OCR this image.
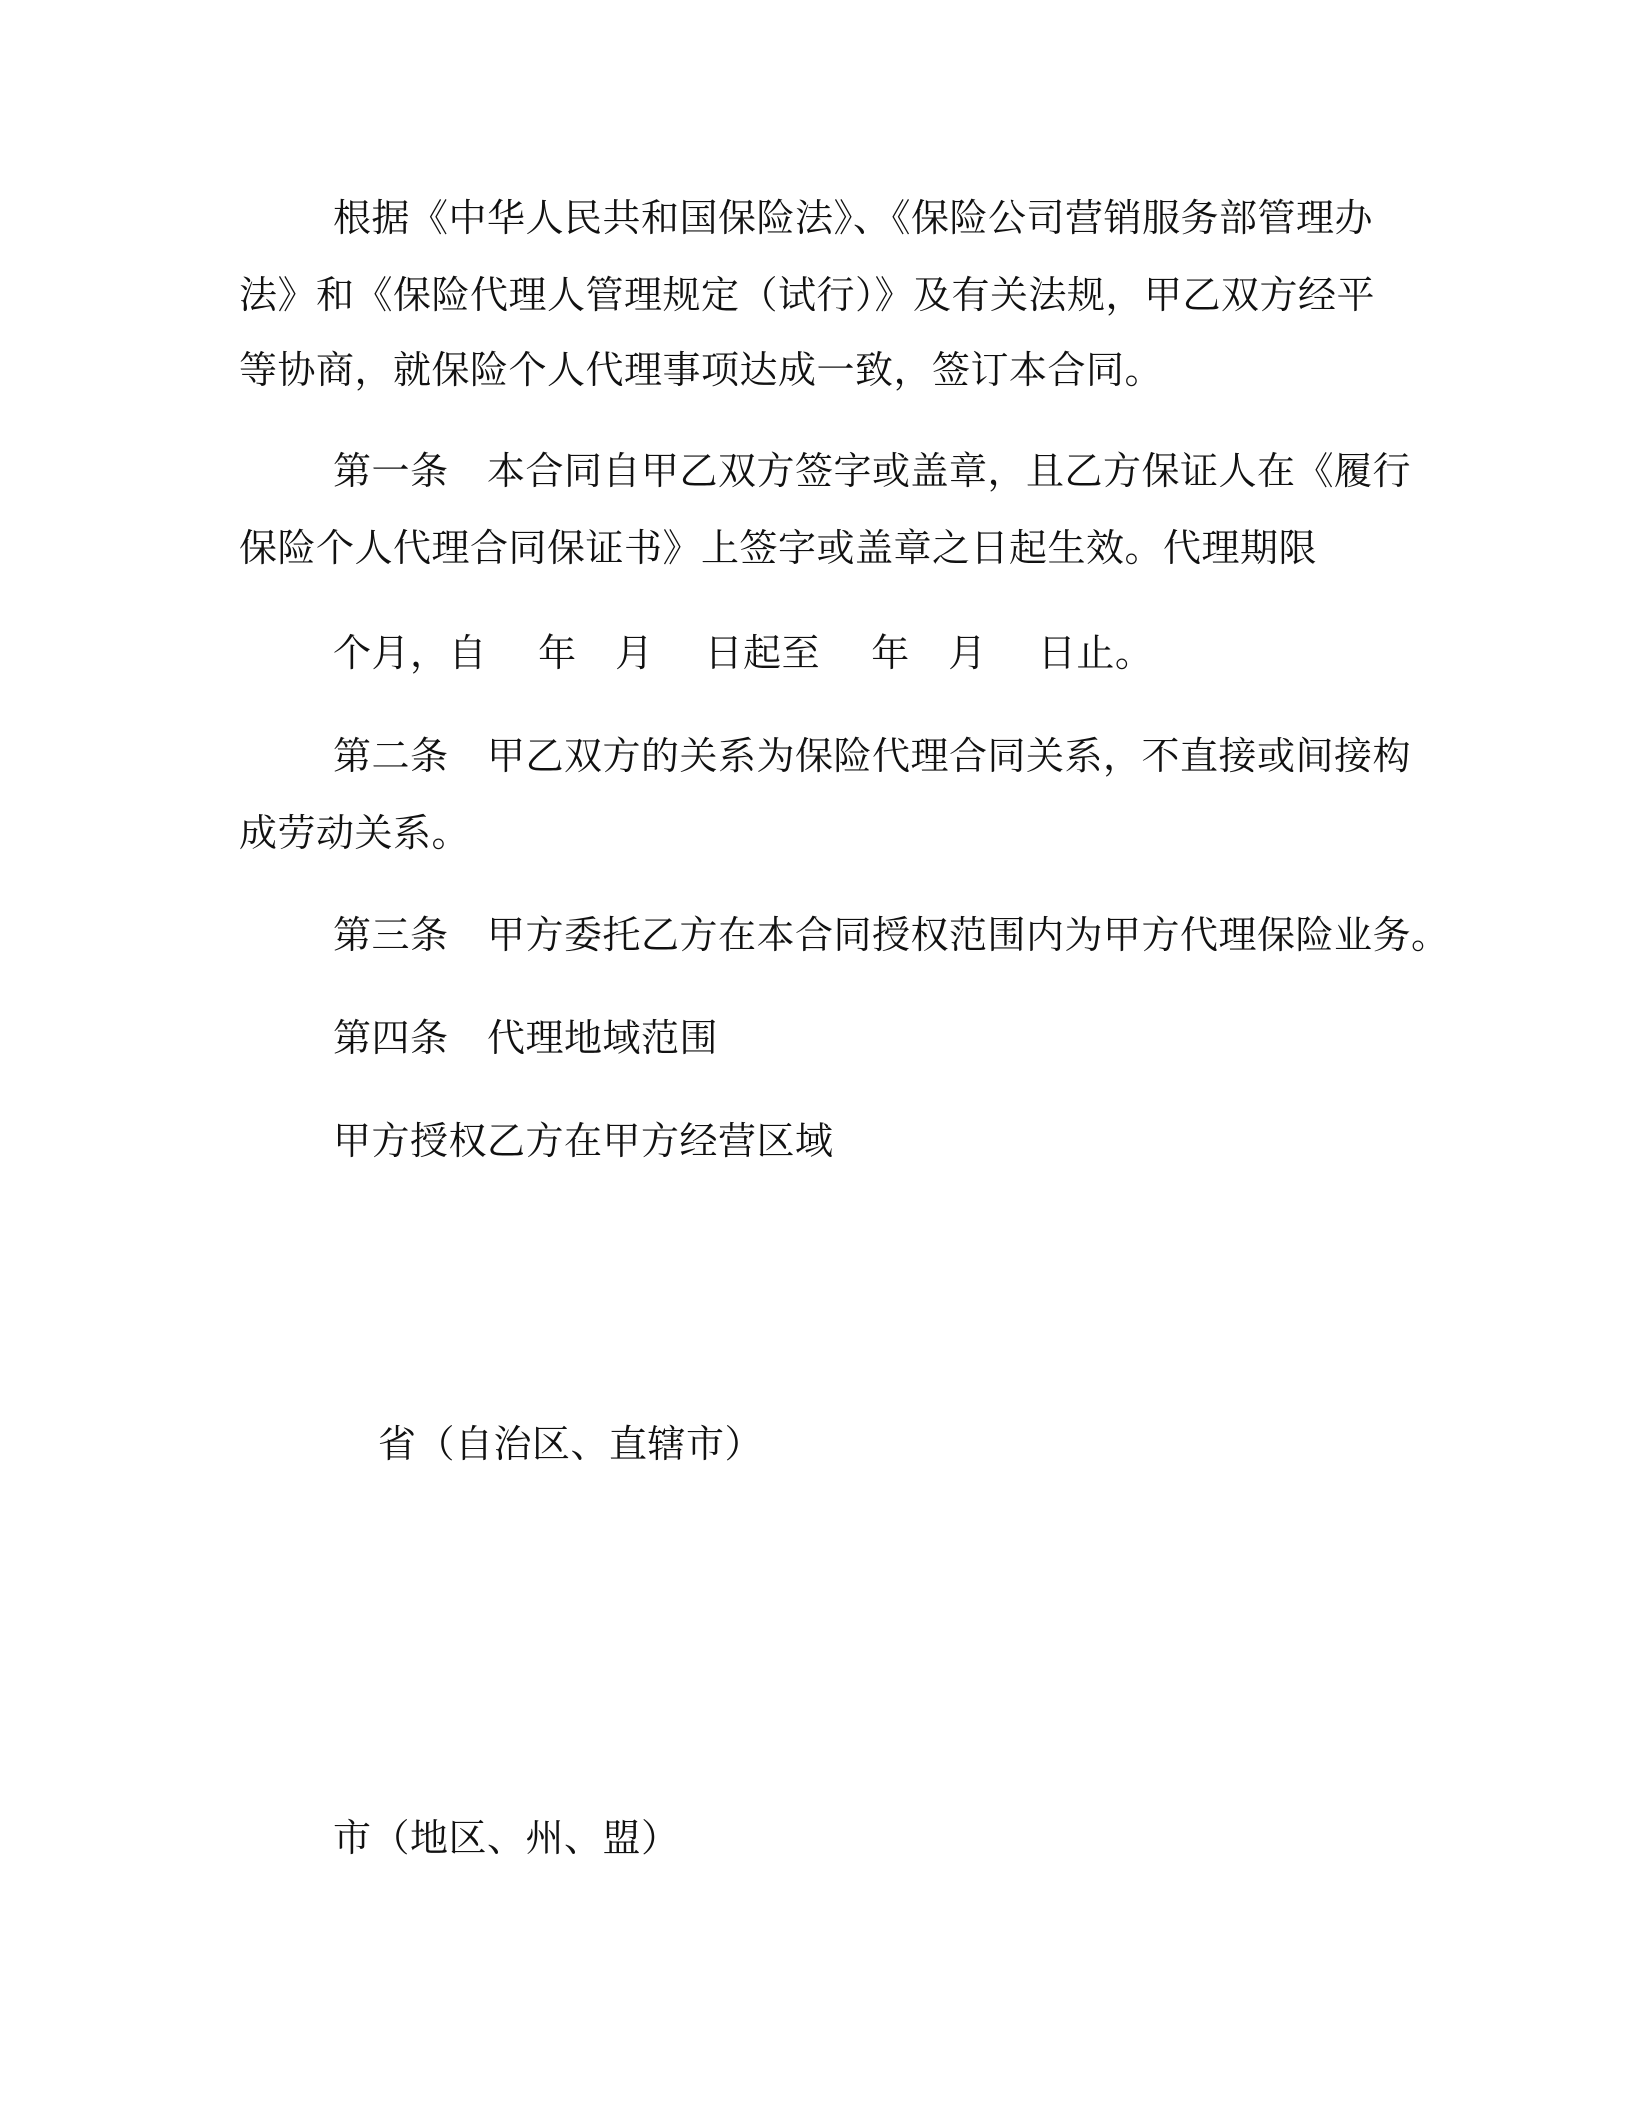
根据《中华人民共和国保险法》、《保险公司营销服务部管理办
法》和《保险代理人管理规定（试行）》及有关法规，甲乙双方经平
等协商，就保险个人代理事项达成一致，签订本合同。
第一条　本合同自甲乙双方签字或盖章，且乙方保证人在《履行
保险个人代理合同保证书》上签字或盖章之日起生效。代理期限
个月，自　 年　月　 日起至　 年　月　 日止。
第二条　甲乙双方的关系为保险代理合同关系，不直接或间接构
成劳动关系。
第三条　甲方委托乙方在本合同授权范围内为甲方代理保险业务。
第四条　代理地域范围
甲方授权乙方在甲方经营区域
省（自治区、直辖市）
市（地区、州、盟）
